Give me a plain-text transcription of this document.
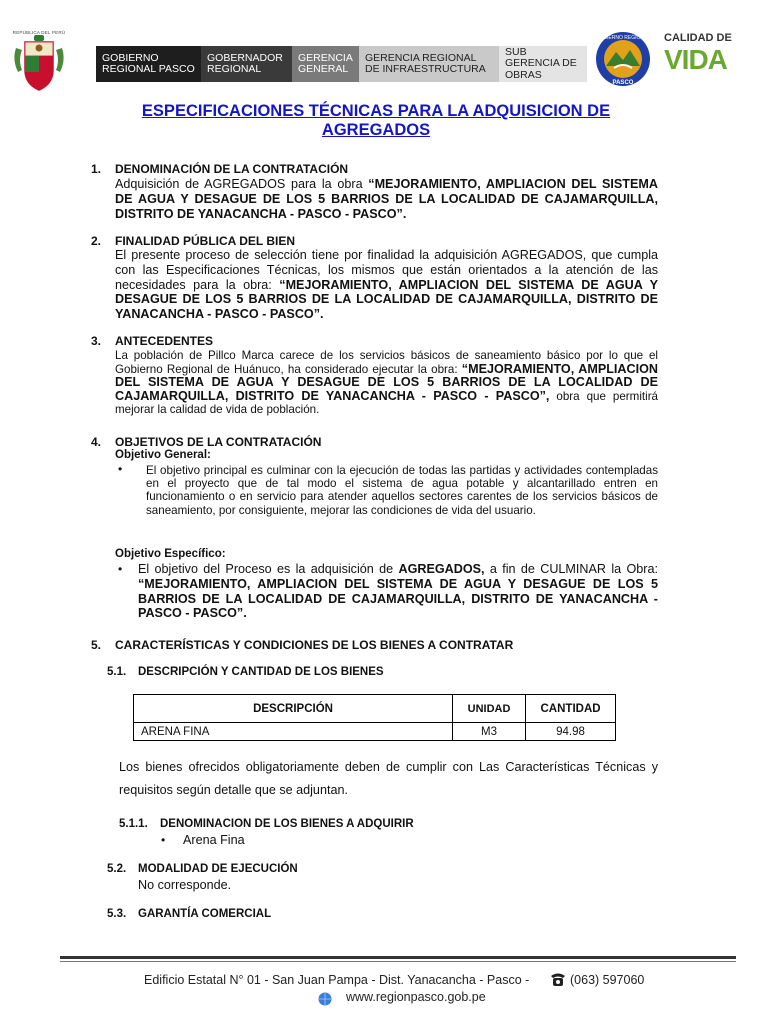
REPÚBLICA DEL PERÚ
GOBIERNO REGIONAL PASCO
GOBERNADOR REGIONAL
GERENCIA GENERAL
GERENCIA REGIONAL DE INFRAESTRUCTURA
SUB GERENCIA DE OBRAS
GOBIERNO REGIONAL
PASCO
CALIDAD DE
VIDA
ESPECIFICACIONES TÉCNICAS PARA LA ADQUISICION DE AGREGADOS
1. DENOMINACIÓN DE LA CONTRATACIÓN
Adquisición de AGREGADOS para la obra “MEJORAMIENTO, AMPLIACION DEL SISTEMA DE AGUA Y DESAGUE DE LOS 5 BARRIOS DE LA LOCALIDAD DE CAJAMARQUILLA, DISTRITO DE YANACANCHA - PASCO - PASCO”.
2. FINALIDAD PÚBLICA DEL BIEN
El presente proceso de selección tiene por finalidad la adquisición AGREGADOS, que cumpla con las Especificaciones Técnicas, los mismos que están orientados a la atención de las necesidades para la obra: “MEJORAMIENTO, AMPLIACION DEL SISTEMA DE AGUA Y DESAGUE DE LOS 5 BARRIOS DE LA LOCALIDAD DE CAJAMARQUILLA, DISTRITO DE YANACANCHA - PASCO - PASCO”.
3. ANTECEDENTES
La población de Pillco Marca carece de los servicios básicos de saneamiento básico por lo que el Gobierno Regional de Huánuco, ha considerado ejecutar la obra: “MEJORAMIENTO, AMPLIACION DEL SISTEMA DE AGUA Y DESAGUE DE LOS 5 BARRIOS DE LA LOCALIDAD DE CAJAMARQUILLA, DISTRITO DE YANACANCHA - PASCO - PASCO”, obra que permitirá mejorar la calidad de vida de población.
4. OBJETIVOS DE LA CONTRATACIÓN
Objetivo General:
• El objetivo principal es culminar con la ejecución de todas las partidas y actividades contempladas en el proyecto que de tal modo el sistema de agua potable y alcantarillado entren en funcionamiento o en servicio para atender aquellos sectores carentes de los servicios básicos de saneamiento, por consiguiente, mejorar las condiciones de vida del usuario.
Objetivo Específico:
• El objetivo del Proceso es la adquisición de AGREGADOS, a fin de CULMINAR la Obra: “MEJORAMIENTO, AMPLIACION DEL SISTEMA DE AGUA Y DESAGUE DE LOS 5 BARRIOS DE LA LOCALIDAD DE CAJAMARQUILLA, DISTRITO DE YANACANCHA - PASCO - PASCO”.
5. CARACTERÍSTICAS Y CONDICIONES DE LOS BIENES A CONTRATAR
5.1. DESCRIPCIÓN Y CANTIDAD DE LOS BIENES
DESCRIPCIÓN	UNIDAD	CANTIDAD
ARENA FINA	M3	94.98
Los bienes ofrecidos obligatoriamente deben de cumplir con Las Características Técnicas y requisitos según detalle que se adjuntan.
5.1.1. DENOMINACION DE LOS BIENES A ADQUIRIR
• Arena Fina
5.2. MODALIDAD DE EJECUCIÓN
No corresponde.
5.3. GARANTÍA COMERCIAL
Edificio Estatal N° 01 - San Juan Pampa - Dist. Yanacancha - Pasco -	(063) 597060
www.regionpasco.gob.pe
